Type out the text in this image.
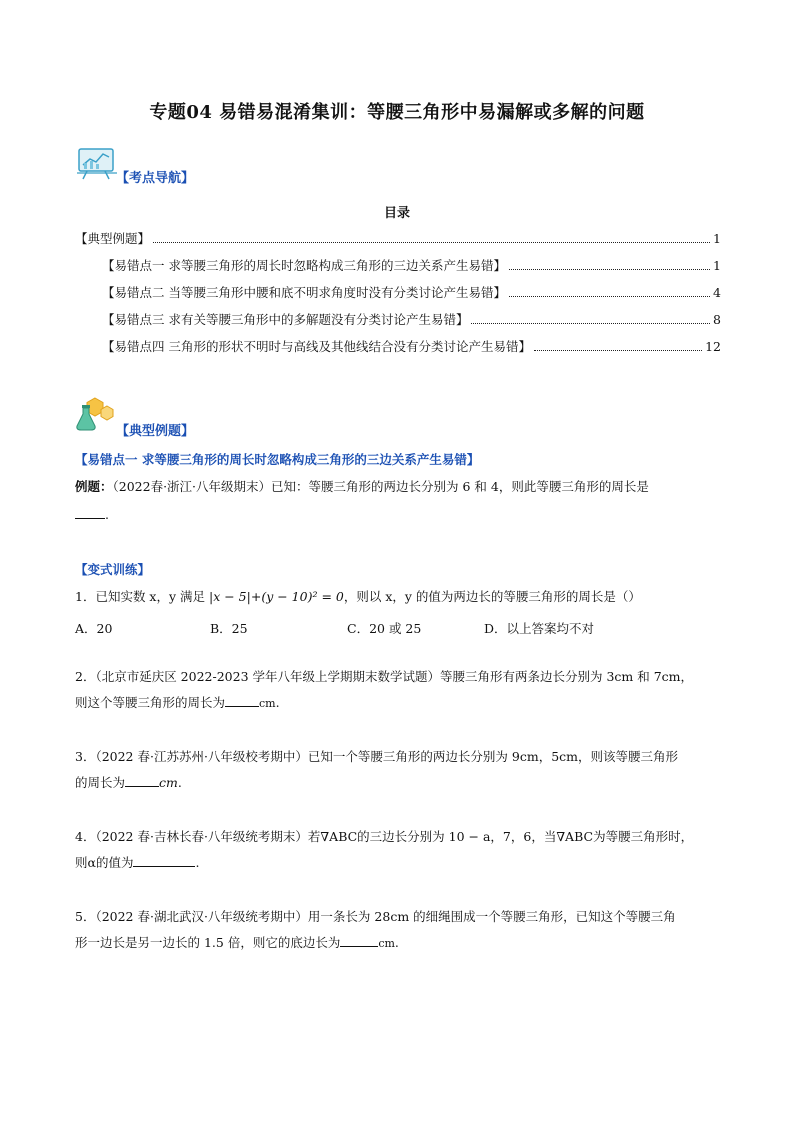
专题04 易错易混淆集训：等腰三角形中易漏解或多解的问题
【考点导航】
目录
【典型例题】	1
【易错点一 求等腰三角形的周长时忽略构成三角形的三边关系产生易错】	1
【易错点二 当等腰三角形中腰和底不明求角度时没有分类讨论产生易错】	4
【易错点三 求有关等腰三角形中的多解题没有分类讨论产生易错】	8
【易错点四 三角形的形状不明时与高线及其他线结合没有分类讨论产生易错】	12
【典型例题】
【易错点一 求等腰三角形的周长时忽略构成三角形的三边关系产生易错】
例题：（2022春·浙江·八年级期末）已知：等腰三角形的两边长分别为 6 和 4，则此等腰三角形的周长是
.
【变式训练】
1．已知实数 x，y 满足 |x − 5|+(y − 10)² = 0，则以 x，y 的值为两边长的等腰三角形的周长是（）
A．20	B．25	C．20 或 25	D．以上答案均不对
2．（北京市延庆区 2022-2023 学年八年级上学期期末数学试题）等腰三角形有两条边长分别为 3cm 和 7cm，
则这个等腰三角形的周长为	cm.
3．（2022 春·江苏苏州·八年级校考期中）已知一个等腰三角形的两边长分别为 9cm，5cm，则该等腰三角形
的周长为	cm.
4．（2022 春·吉林长春·八年级统考期末）若∇ABC的三边长分别为 10 − a，7，6，当∇ABC为等腰三角形时，
则α的值为	.
5．（2022 春·湖北武汉·八年级统考期中）用一条长为 28cm 的细绳围成一个等腰三角形，已知这个等腰三角
形一边长是另一边长的 1.5 倍，则它的底边长为	cm.
